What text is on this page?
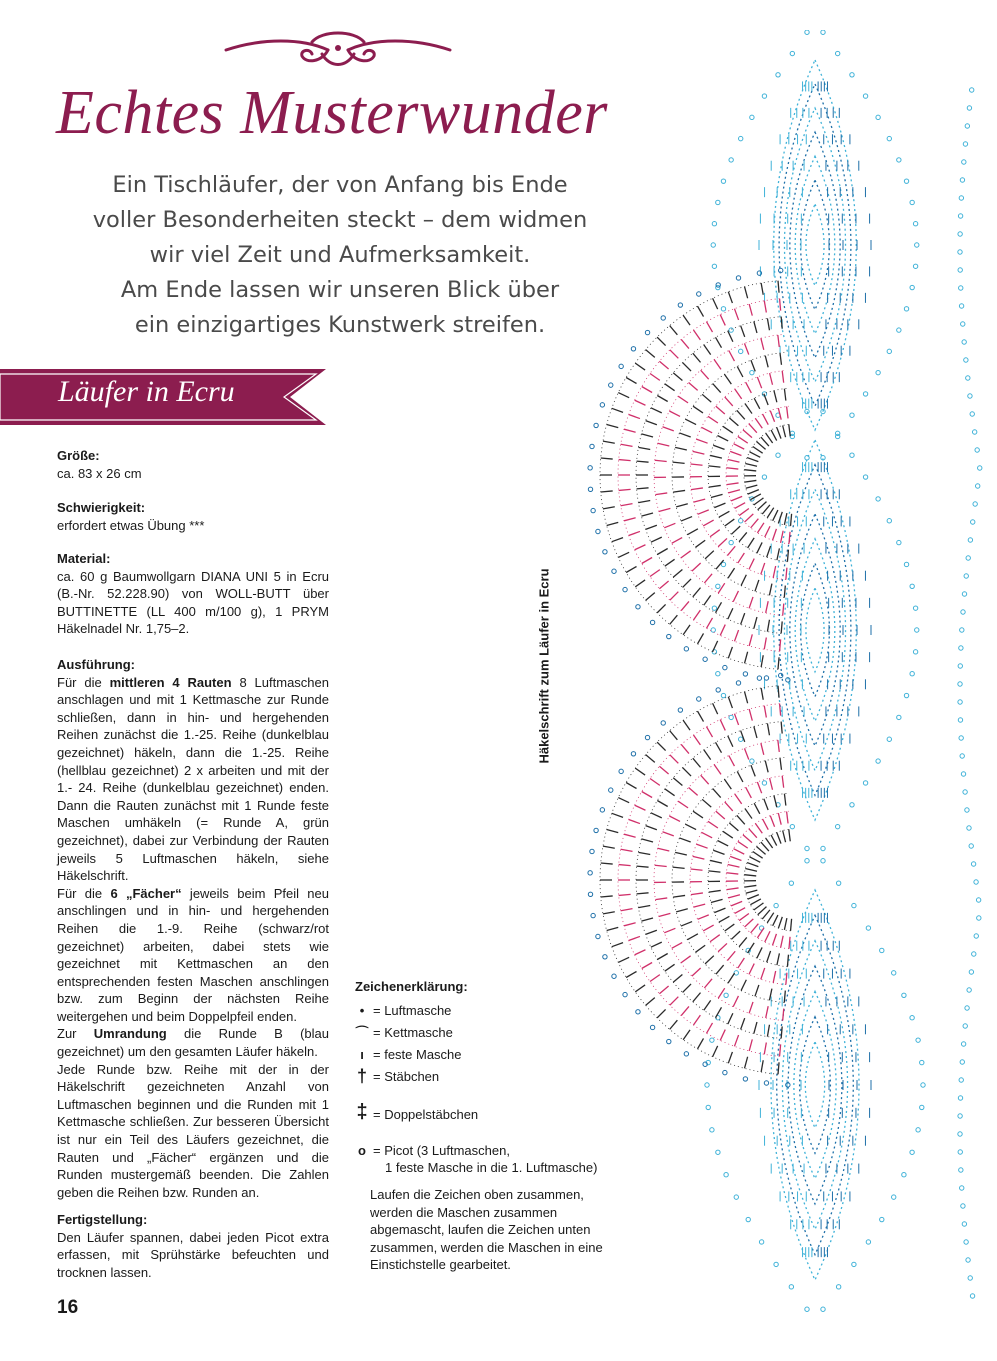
Echtes Musterwunder
Ein Tischläufer, der von Anfang bis Ende
voller Besonderheiten steckt – dem widmen
wir viel Zeit und Aufmerksamkeit.
Am Ende lassen wir unseren Blick über
ein einzigartiges Kunstwerk streifen.
Läufer in Ecru
Größe:
ca. 83 x 26 cm
Schwierigkeit:
erfordert etwas Übung ***
Material:

ca. 60 g Baumwollgarn DIANA UNI 5 in Ecru (B.-Nr. 52.228.90) von WOLL-BUTT über BUTTINETTE (LL 400 m/100 g), 1 PRYM Häkelnadel Nr. 1,75–2.

Ausführung:

Für die mittleren 4 Rauten 8 Luftmaschen anschlagen und mit 1 Kettmasche zur Runde schließen, dann in hin- und hergehenden Reihen zunächst die 1.-25. Reihe (dunkelblau gezeichnet) häkeln, dann die 1.-25. Reihe (hellblau gezeichnet) 2 x arbeiten und mit der 1.- 24. Reihe (dunkelblau gezeichnet) enden. Dann die Rauten zunächst mit 1 Runde feste Maschen umhäkeln (= Runde A, grün gezeichnet), dabei zur Verbindung der Rauten jeweils 5 Luftmaschen häkeln, siehe Häkelschrift.

Für die 6 „Fächer“ jeweils beim Pfeil neu anschlingen und in hin- und hergehenden Reihen die 1.-9. Reihe (schwarz/rot gezeichnet) arbeiten, dabei stets wie gezeichnet mit Kettmaschen an den entsprechenden festen Maschen anschlingen bzw. zum Beginn der nächsten Reihe weitergehen und beim Doppelpfeil enden.

Zur Umrandung die Runde B (blau gezeichnet) um den gesamten Läufer häkeln.

Jede Runde bzw. Reihe mit der in der Häkelschrift gezeichneten Anzahl von Luftmaschen beginnen und die Runden mit 1 Kettmasche schließen. Zur besseren Übersicht ist nur ein Teil des Läufers gezeichnet, die Rauten und „Fächer“ ergänzen und die Runden mustergemäß beenden. Die Zahlen geben die Reihen bzw. Runden an.

Fertigstellung:

Den Läufer spannen, dabei jeden Picot extra erfassen, mit Sprühstärke befeuchten und trocknen lassen.

16
Zeichenerklärung:
• = Luftmasche
⌒ = Kettmasche
ı = feste Masche
† = Stäbchen
‡ = Doppelstäbchen
o = Picot (3 Luftmaschen,
1 feste Masche in die 1. Luftmasche)
Laufen die Zeichen oben zusammen, werden die Maschen zusammen abgemascht, laufen die Zeichen unten zusammen, werden die Maschen in eine Einstichstelle gearbeitet.
Häkelschrift zum Läufer in Ecru
